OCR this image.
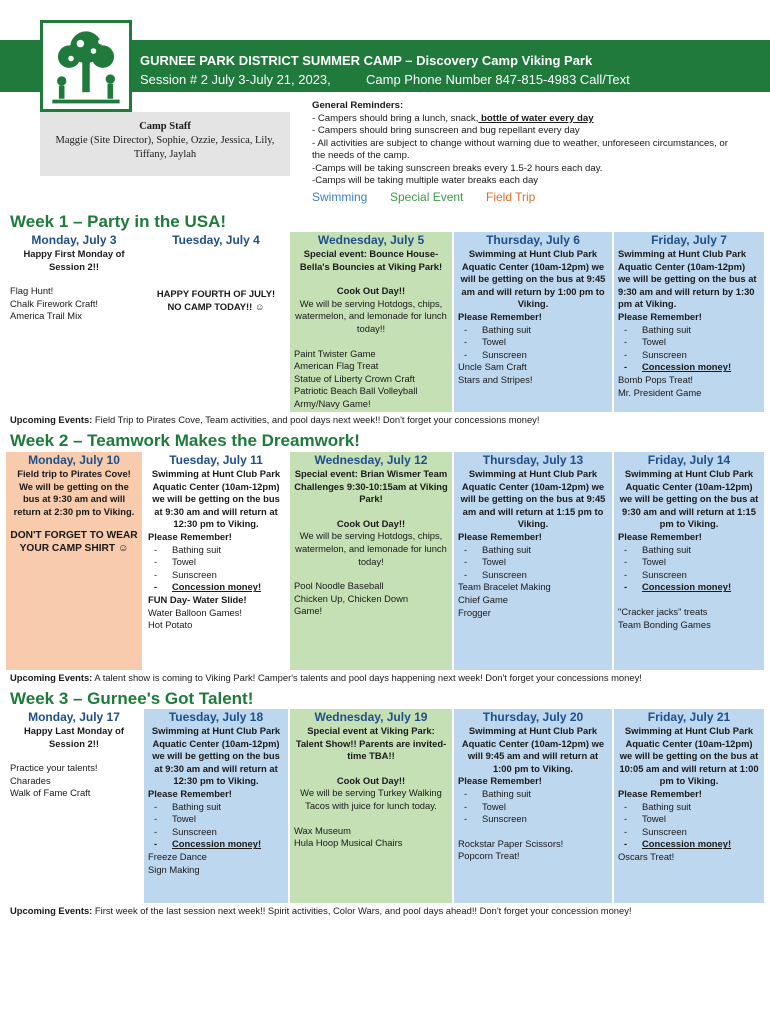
GURNEE PARK DISTRICT SUMMER CAMP – Discovery Camp Viking Park
Session # 2 July 3-July 21, 2023,	Camp Phone Number 847-815-4983 Call/Text
Camp Staff
Maggie (Site Director), Sophie, Ozzie, Jessica, Lily, Tiffany, Jaylah
General Reminders:
- Campers should bring a lunch, snack, bottle of water every day
- Campers should bring sunscreen and bug repellant every day
- All activities are subject to change without warning due to weather, unforeseen circumstances, or the needs of the camp.
-Camps will be taking sunscreen breaks every 1.5-2 hours each day.
-Camps will be taking multiple water breaks each day
Swimming Special Event Field Trip
Week 1 – Party in the USA!
Monday, July 3
Happy First Monday of Session 2!!
Flag Hunt!
Chalk Firework Craft!
America Trail Mix
Tuesday, July 4
HAPPY FOURTH OF JULY!
NO CAMP TODAY!! ☺
Wednesday, July 5
Special event: Bounce House- Bella's Bouncies at Viking Park!
Cook Out Day!!
We will be serving Hotdogs, chips, watermelon, and lemonade for lunch today!!
Paint Twister Game
American Flag Treat
Statue of Liberty Crown Craft
Patriotic Beach Ball Volleyball
Army/Navy Game!
Thursday, July 6
Swimming at Hunt Club Park Aquatic Center (10am-12pm) we will be getting on the bus at 9:45 am and will return by 1:00 pm to Viking.
Please Remember!
- Bathing suit
- Towel
- Sunscreen
Uncle Sam Craft
Stars and Stripes!
Friday, July 7
Swimming at Hunt Club Park Aquatic Center (10am-12pm) we will be getting on the bus at 9:30 am and will return by 1:30 pm at Viking.
Please Remember!
- Bathing suit
- Towel
- Sunscreen
- Concession money!
Bomb Pops Treat!
Mr. President Game
Upcoming Events: Field Trip to Pirates Cove, Team activities, and pool days next week!! Don't forget your concessions money!
Week 2 – Teamwork Makes the Dreamwork!
Monday, July 10
Field trip to Pirates Cove! We will be getting on the bus at 9:30 am and will return at 2:30 pm to Viking.
DON'T FORGET TO WEAR YOUR CAMP SHIRT ☺
Tuesday, July 11
Swimming at Hunt Club Park Aquatic Center (10am-12pm) we will be getting on the bus at 9:30 am and will return at 12:30 pm to Viking.
Please Remember!
- Bathing suit
- Towel
- Sunscreen
- Concession money!
FUN Day- Water Slide!
Water Balloon Games!
Hot Potato
Wednesday, July 12
Special event: Brian Wismer Team Challenges 9:30-10:15am at Viking Park!
Cook Out Day!!
We will be serving Hotdogs, chips, watermelon, and lemonade for lunch today!
Pool Noodle Baseball
Chicken Up, Chicken Down
Game!
Thursday, July 13
Swimming at Hunt Club Park Aquatic Center (10am-12pm) we will be getting on the bus at 9:45 am and will return at 1:15 pm to Viking.
Please Remember!
- Bathing suit
- Towel
- Sunscreen
Team Bracelet Making
Chief Game
Frogger
Friday, July 14
Swimming at Hunt Club Park Aquatic Center (10am-12pm) we will be getting on the bus at 9:30 am and will return at 1:15 pm to Viking.
Please Remember!
- Bathing suit
- Towel
- Sunscreen
- Concession money!
"Cracker jacks" treats
Team Bonding Games
Upcoming Events: A talent show is coming to Viking Park! Camper's talents and pool days happening next week! Don't forget your concessions money!
Week 3 – Gurnee's Got Talent!
Monday, July 17
Happy Last Monday of Session 2!!
Practice your talents!
Charades
Walk of Fame Craft
Tuesday, July 18
Swimming at Hunt Club Park Aquatic Center (10am-12pm) we will be getting on the bus at 9:30 am and will return at 12:30 pm to Viking.
Please Remember!
- Bathing suit
- Towel
- Sunscreen
- Concession money!
Freeze Dance
Sign Making
Wednesday, July 19
Special event at Viking Park: Talent Show!! Parents are invited- time TBA!!
Cook Out Day!!
We will be serving Turkey Walking Tacos with juice for lunch today.
Wax Museum
Hula Hoop Musical Chairs
Thursday, July 20
Swimming at Hunt Club Park Aquatic Center (10am-12pm) we will 9:45 am and will return at 1:00 pm to Viking.
Please Remember!
- Bathing suit
- Towel
- Sunscreen
Rockstar Paper Scissors!
Popcorn Treat!
Friday, July 21
Swimming at Hunt Club Park Aquatic Center (10am-12pm) we will be getting on the bus at 10:05 am and will return at 1:00 pm to Viking.
Please Remember!
- Bathing suit
- Towel
- Sunscreen
- Concession money!
Oscars Treat!
Upcoming Events: First week of the last session next week!! Spirit activities, Color Wars, and pool days ahead!! Don't forget your concession money!
